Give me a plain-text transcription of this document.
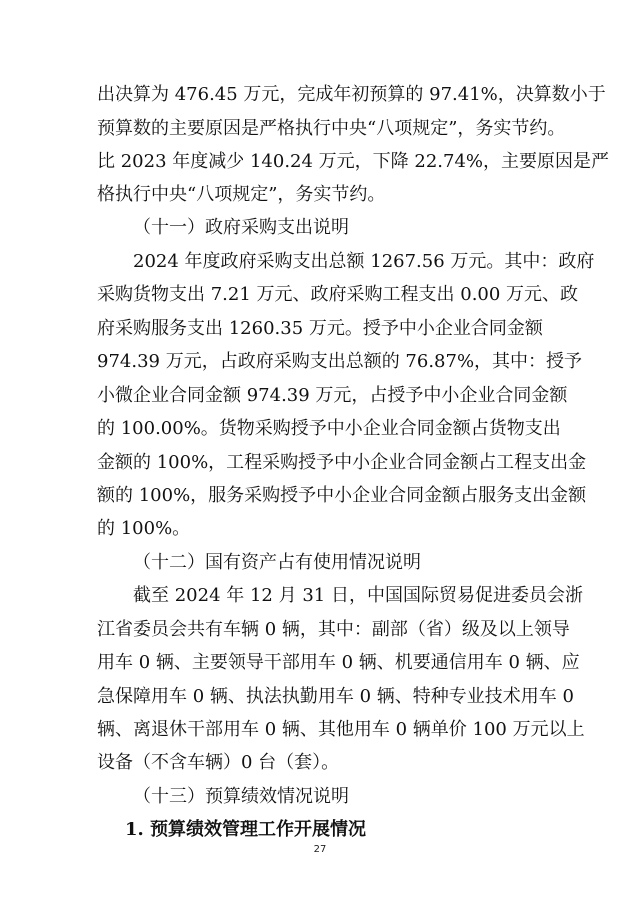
出决算为 476.45 万元，完成年初预算的 97.41%，决算数小于
预算数的主要原因是严格执行中央“八项规定”，务实节约。
比 2023 年度减少 140.24 万元，下降 22.74%，主要原因是严
格执行中央“八项规定”，务实节约。
（十一）政府采购支出说明
2024 年度政府采购支出总额 1267.56 万元。其中：政府
采购货物支出 7.21 万元、政府采购工程支出 0.00 万元、政
府采购服务支出 1260.35 万元。授予中小企业合同金额
974.39 万元，占政府采购支出总额的 76.87%，其中：授予
小微企业合同金额 974.39 万元，占授予中小企业合同金额
的 100.00%。货物采购授予中小企业合同金额占货物支出
金额的 100%，工程采购授予中小企业合同金额占工程支出金
额的 100%，服务采购授予中小企业合同金额占服务支出金额
的 100%。
（十二）国有资产占有使用情况说明
截至 2024 年 12 月 31 日，中国国际贸易促进委员会浙
江省委员会共有车辆 0 辆，其中：副部（省）级及以上领导
用车 0 辆、主要领导干部用车 0 辆、机要通信用车 0 辆、应
急保障用车 0 辆、执法执勤用车 0 辆、特种专业技术用车 0
辆、离退休干部用车 0 辆、其他用车 0 辆单价 100 万元以上
设备（不含车辆）0 台（套）。
（十三）预算绩效情况说明
1. 预算绩效管理工作开展情况
27
